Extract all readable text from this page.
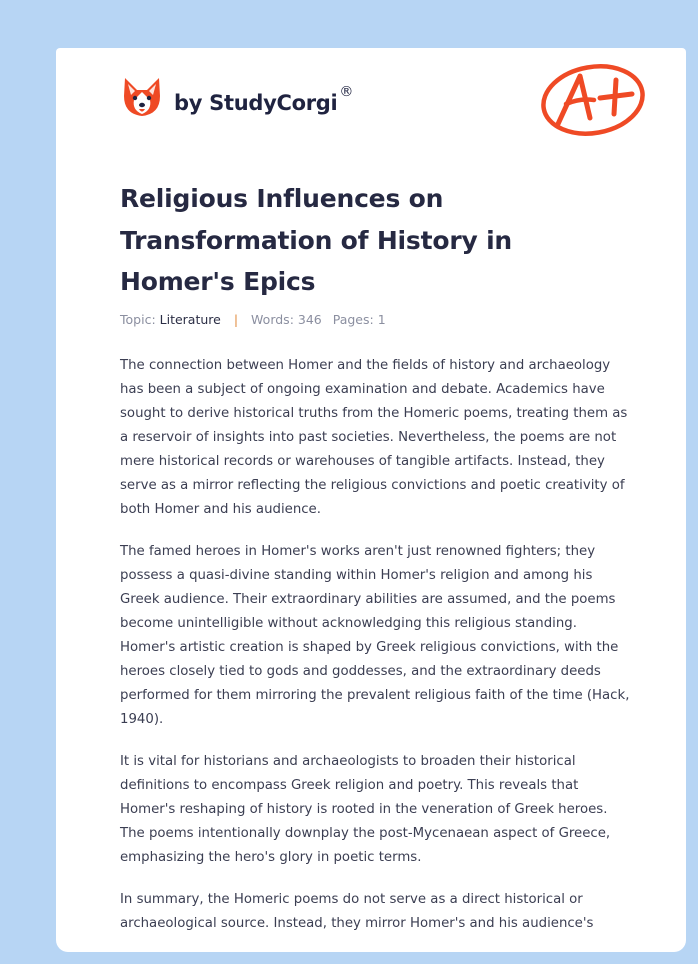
by StudyCorgi ®
Religious Influences on Transformation of History in Homer's Epics
Topic: Literature | Words: 346 Pages: 1

The connection between Homer and the fields of history and archaeology has been a subject of ongoing examination and debate. Academics have sought to derive historical truths from the Homeric poems, treating them as a reservoir of insights into past societies. Nevertheless, the poems are not mere historical records or warehouses of tangible artifacts. Instead, they serve as a mirror reflecting the religious convictions and poetic creativity of both Homer and his audience.

The famed heroes in Homer's works aren't just renowned fighters; they possess a quasi-divine standing within Homer's religion and among his Greek audience. Their extraordinary abilities are assumed, and the poems become unintelligible without acknowledging this religious standing. Homer's artistic creation is shaped by Greek religious convictions, with the heroes closely tied to gods and goddesses, and the extraordinary deeds performed for them mirroring the prevalent religious faith of the time (Hack, 1940).

It is vital for historians and archaeologists to broaden their historical definitions to encompass Greek religion and poetry. This reveals that Homer's reshaping of history is rooted in the veneration of Greek heroes. The poems intentionally downplay the post-Mycenaean aspect of Greece, emphasizing the hero's glory in poetic terms.

In summary, the Homeric poems do not serve as a direct historical or archaeological source. Instead, they mirror Homer's and his audience's
